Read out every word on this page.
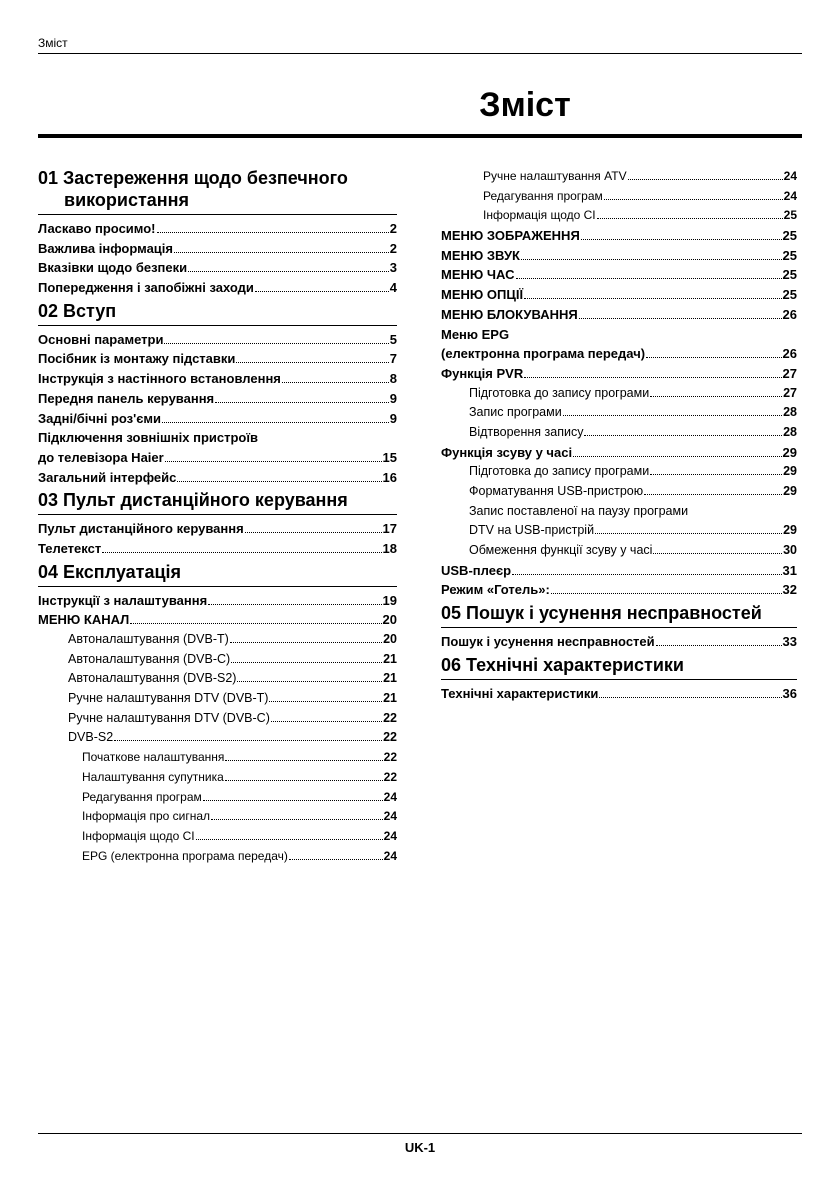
Зміст
Зміст
01 Застереження щодо безпечного
використання
Ласкаво просимо!	2
Важлива інформація	2
Вказівки щодо безпеки	3
Попередження і запобіжні заходи	4
02 Вступ
Основні параметри	5
Посібник із монтажу підставки	7
Інструкція з настінного встановлення	8
Передня панель керування	9
Задні/бічні роз'єми	9
Підключення зовнішніх пристроїв
до телевізора Haier	15
Загальний інтерфейс	16
03 Пульт дистанційного керування
Пульт дистанційного керування	17
Телетекст	18
04 Експлуатація
Інструкції з налаштування	19
МЕНЮ КАНАЛ	20
Автоналаштування (DVB-T)	20
Автоналаштування (DVB-C)	21
Автоналаштування (DVB-S2)	21
Ручне налаштування DTV (DVB-T)	21
Ручне налаштування DTV (DVB-C)	22
DVB-S2	22
Початкове налаштування	22
Налаштування супутника	22
Редагування програм	24
Інформація про сигнал	24
Інформація щодо CI	24
EPG (електронна програма передач)	24
Ручне налаштування ATV	24
Редагування програм	24
Інформація щодо CI	25
МЕНЮ ЗОБРАЖЕННЯ	25
МЕНЮ ЗВУК	25
МЕНЮ ЧАС	25
МЕНЮ ОПЦІЇ	25
МЕНЮ БЛОКУВАННЯ	26
Меню EPG
(електронна програма передач)	26
Функція PVR	27
Підготовка до запису програми	27
Запис програми	28
Відтворення запису	28
Функція зсуву у часі	29
Підготовка до запису програми	29
Форматування USB-пристрою	29
Запис поставленої на паузу програми
DTV на USB-пристрій	29
Обмеження функції зсуву у часі	30
USB-плеєр	31
Режим «Готель»:	32
05 Пошук і усунення несправностей
Пошук і усунення несправностей	33
06 Технічні характеристики
Технічні характеристики	36
UK-1
